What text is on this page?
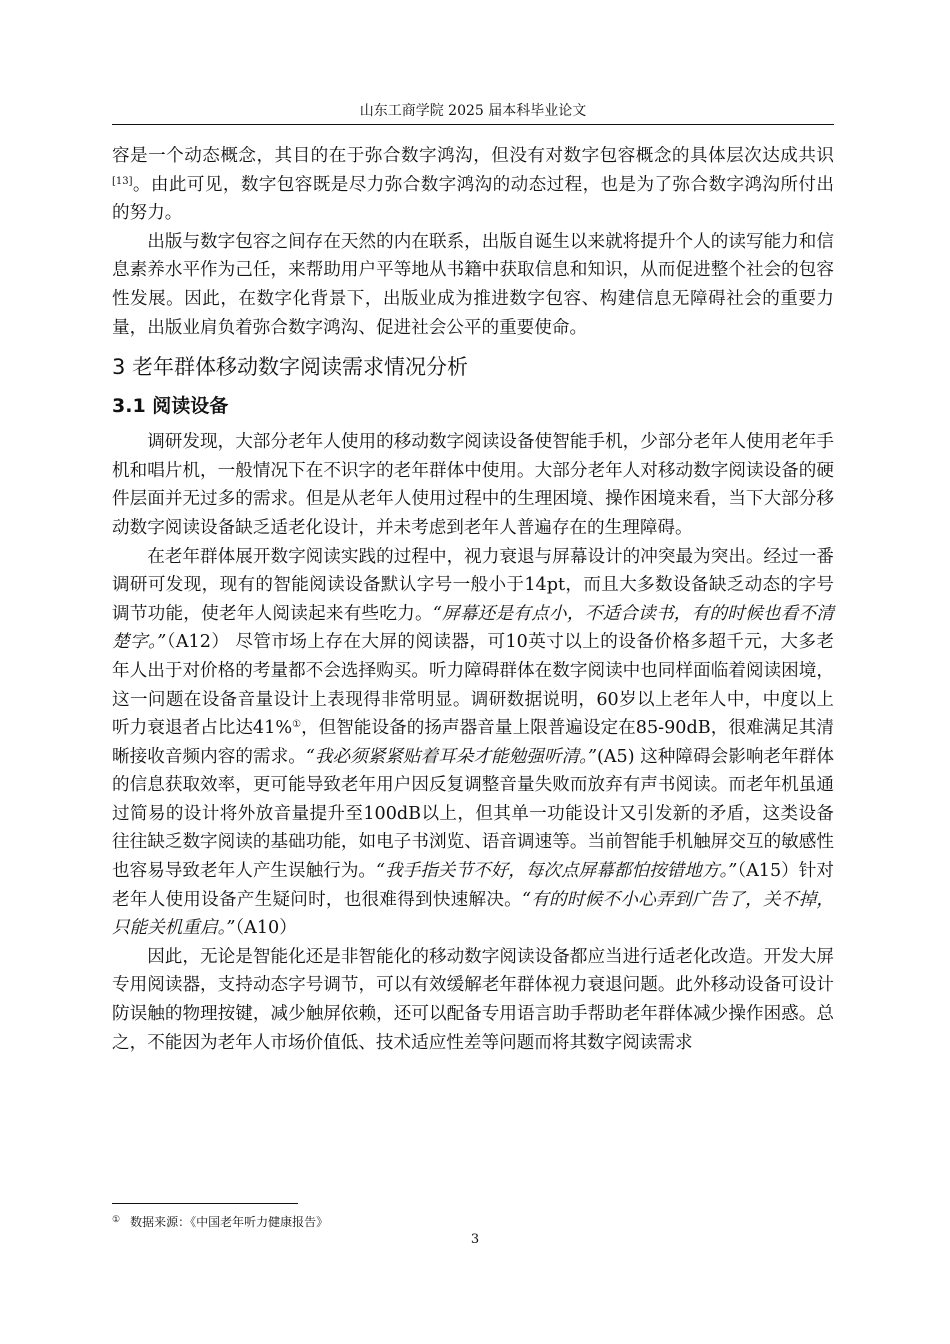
山东工商学院 2025 届本科毕业论文

容是一个动态概念，其目的在于弥合数字鸿沟，但没有对数字包容概念的具体层次达成共识[13]。由此可见，数字包容既是尽力弥合数字鸿沟的动态过程，也是为了弥合数字鸿沟所付出的努力。

出版与数字包容之间存在天然的内在联系，出版自诞生以来就将提升个人的读写能力和信息素养水平作为己任，来帮助用户平等地从书籍中获取信息和知识，从而促进整个社会的包容性发展。因此，在数字化背景下，出版业成为推进数字包容、构建信息无障碍社会的重要力量，出版业肩负着弥合数字鸿沟、促进社会公平的重要使命。

3 老年群体移动数字阅读需求情况分析
3.1 阅读设备

调研发现，大部分老年人使用的移动数字阅读设备使智能手机，少部分老年人使用老年手机和唱片机，一般情况下在不识字的老年群体中使用。大部分老年人对移动数字阅读设备的硬件层面并无过多的需求。但是从老年人使用过程中的生理困境、操作困境来看，当下大部分移动数字阅读设备缺乏适老化设计，并未考虑到老年人普遍存在的生理障碍。

在老年群体展开数字阅读实践的过程中，视力衰退与屏幕设计的冲突最为突出。经过一番调研可发现，现有的智能阅读设备默认字号一般小于14pt，而且大多数设备缺乏动态的字号调节功能，使老年人阅读起来有些吃力。“屏幕还是有点小，不适合读书，有的时候也看不清楚字。”（A12） 尽管市场上存在大屏的阅读器，可10英寸以上的设备价格多超千元，大多老年人出于对价格的考量都不会选择购买。听力障碍群体在数字阅读中也同样面临着阅读困境，这一问题在设备音量设计上表现得非常明显。调研数据说明，60岁以上老年人中，中度以上听力衰退者占比达41%①，但智能设备的扬声器音量上限普遍设定在85-90dB，很难满足其清晰接收音频内容的需求。“我必须紧紧贴着耳朵才能勉强听清。”(A5) 这种障碍会影响老年群体的信息获取效率，更可能导致老年用户因反复调整音量失败而放弃有声书阅读。而老年机虽通过简易的设计将外放音量提升至100dB以上，但其单一功能设计又引发新的矛盾，这类设备往往缺乏数字阅读的基础功能，如电子书浏览、语音调速等。当前智能手机触屏交互的敏感性也容易导致老年人产生误触行为。“我手指关节不好，每次点屏幕都怕按错地方。”（A15）针对老年人使用设备产生疑问时，也很难得到快速解决。“有的时候不小心弄到广告了，关不掉，只能关机重启。”（A10）

因此，无论是智能化还是非智能化的移动数字阅读设备都应当进行适老化改造。开发大屏专用阅读器，支持动态字号调节，可以有效缓解老年群体视力衰退问题。此外移动设备可设计防误触的物理按键，减少触屏依赖，还可以配备专用语言助手帮助老年群体减少操作困惑。总之，不能因为老年人市场价值低、技术适应性差等问题而将其数字阅读需求

① 数据来源：《中国老年听力健康报告》
3
